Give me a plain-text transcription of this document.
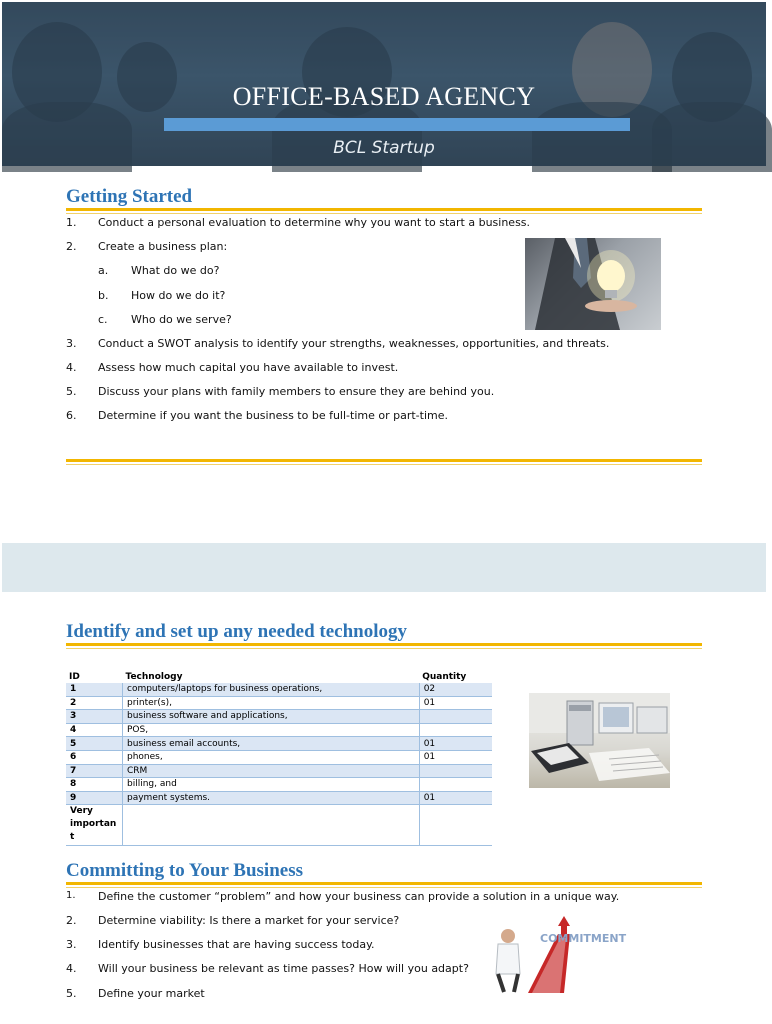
OFFICE-BASED AGENCY
BCL Startup
Getting Started
1. Conduct a personal evaluation to determine why you want to start a business.
2. Create a business plan:
a. What do we do?
b. How do we do it?
c. Who do we serve?
3. Conduct a SWOT analysis to identify your strengths, weaknesses, opportunities, and threats.
4. Assess how much capital you have available to invest.
5. Discuss your plans with family members to ensure they are behind you.
6. Determine if you want the business to be full-time or part-time.
Identify and set up any needed technology
ID	Technology	Quantity
1	computers/laptops for business operations,	02
2	printer(s),	01
3	business software and applications,	
4	POS,	
5	business email accounts,	01
6	phones,	01
7	CRM	
8	billing, and	
9	payment systems.	01
Very
importan
t		
Committing to Your Business
1. Define the customer “problem” and how your business can provide a solution in a unique way.
2. Determine viability: Is there a market for your service?
3. Identify businesses that are having success today.
4. Will your business be relevant as time passes? How will you adapt?
5. Define your market
COMMITMENT
